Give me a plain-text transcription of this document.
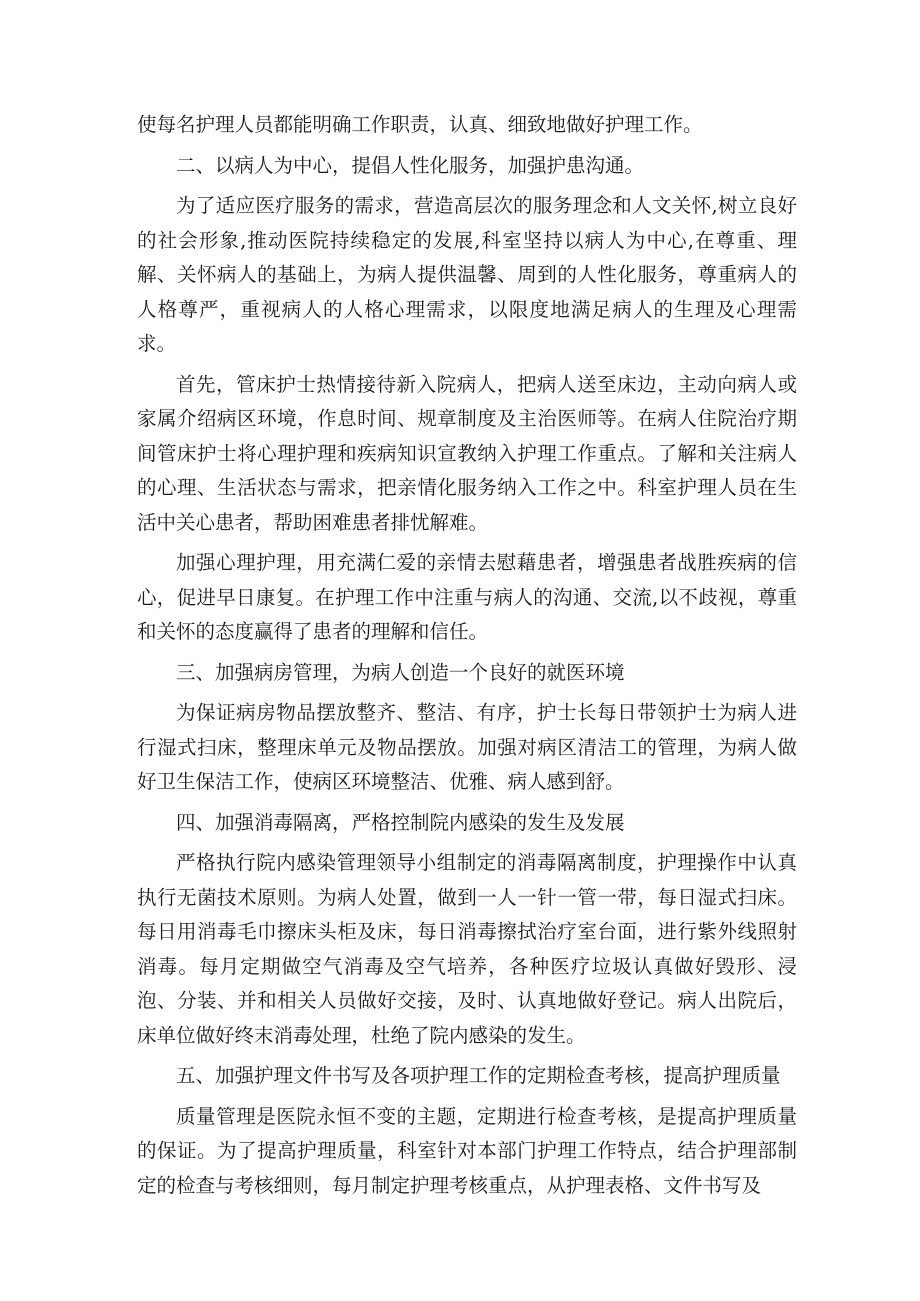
使每名护理人员都能明确工作职责，认真、细致地做好护理工作。

二、以病人为中心，提倡人性化服务，加强护患沟通。

为了适应医疗服务的需求，营造高层次的服务理念和人文关怀,树立良好的社会形象,推动医院持续稳定的发展,科室坚持以病人为中心,在尊重、理解、关怀病人的基础上，为病人提供温馨、周到的人性化服务，尊重病人的人格尊严，重视病人的人格心理需求，以限度地满足病人的生理及心理需求。

首先，管床护士热情接待新入院病人，把病人送至床边，主动向病人或家属介绍病区环境，作息时间、规章制度及主治医师等。在病人住院治疗期间管床护士将心理护理和疾病知识宣教纳入护理工作重点。了解和关注病人的心理、生活状态与需求，把亲情化服务纳入工作之中。科室护理人员在生活中关心患者，帮助困难患者排忧解难。

加强心理护理，用充满仁爱的亲情去慰藉患者，增强患者战胜疾病的信心，促进早日康复。在护理工作中注重与病人的沟通、交流,以不歧视，尊重和关怀的态度赢得了患者的理解和信任。

三、加强病房管理，为病人创造一个良好的就医环境

为保证病房物品摆放整齐、整洁、有序，护士长每日带领护士为病人进行湿式扫床，整理床单元及物品摆放。加强对病区清洁工的管理，为病人做好卫生保洁工作，使病区环境整洁、优雅、病人感到舒。

四、加强消毒隔离，严格控制院内感染的发生及发展

严格执行院内感染管理领导小组制定的消毒隔离制度，护理操作中认真执行无菌技术原则。为病人处置，做到一人一针一管一带，每日湿式扫床。每日用消毒毛巾擦床头柜及床，每日消毒擦拭治疗室台面，进行紫外线照射消毒。每月定期做空气消毒及空气培养，各种医疗垃圾认真做好毁形、浸泡、分装、并和相关人员做好交接，及时、认真地做好登记。病人出院后，床单位做好终末消毒处理，杜绝了院内感染的发生。

五、加强护理文件书写及各项护理工作的定期检查考核，提高护理质量

质量管理是医院永恒不变的主题，定期进行检查考核，是提高护理质量的保证。为了提高护理质量，科室针对本部门护理工作特点，结合护理部制定的检查与考核细则，每月制定护理考核重点，从护理表格、文件书写及
